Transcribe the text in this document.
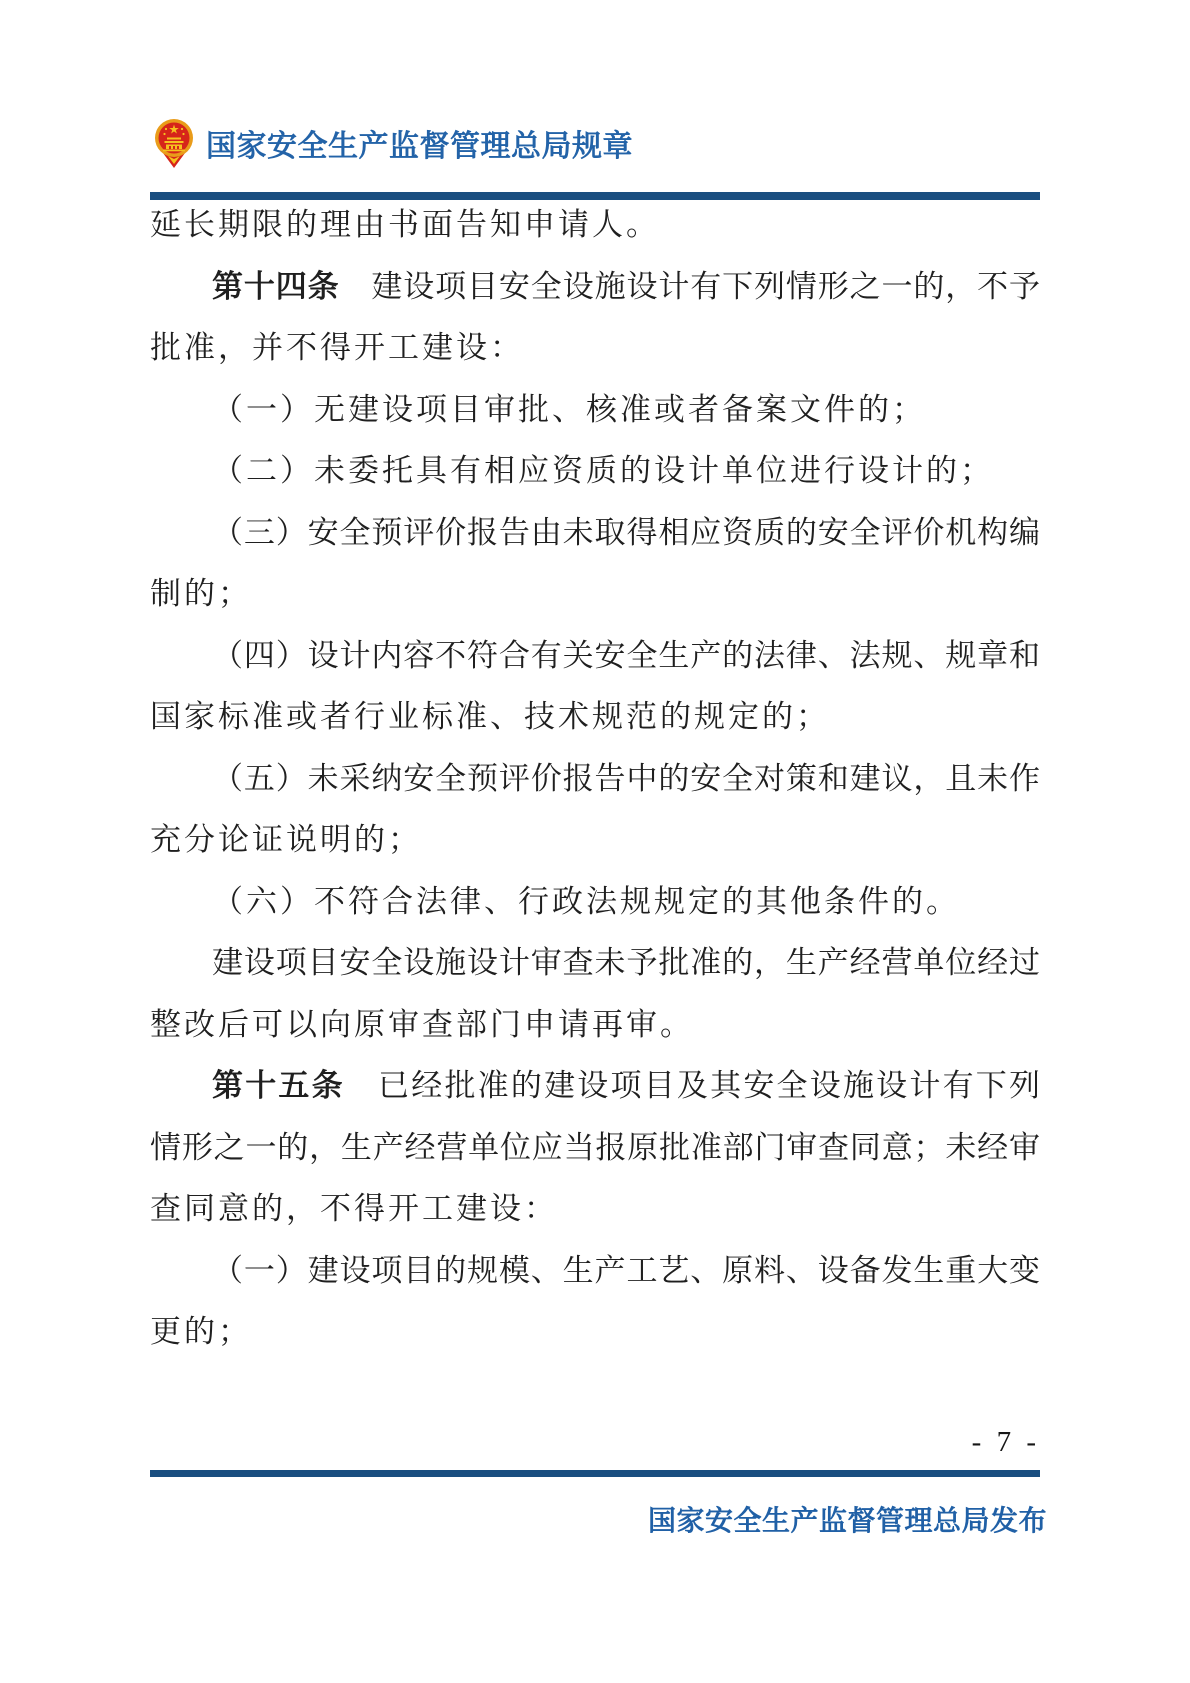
★ 国家安全生产监督管理总局规章
延长期限的理由书面告知申请人。
第十四条　建设项目安全设施设计有下列情形之一的，不予
批准，并不得开工建设：
（一）无建设项目审批、核准或者备案文件的；
（二）未委托具有相应资质的设计单位进行设计的；
（三）安全预评价报告由未取得相应资质的安全评价机构编
制的；
（四）设计内容不符合有关安全生产的法律、法规、规章和
国家标准或者行业标准、技术规范的规定的；
（五）未采纳安全预评价报告中的安全对策和建议，且未作
充分论证说明的；
（六）不符合法律、行政法规规定的其他条件的。
建设项目安全设施设计审查未予批准的，生产经营单位经过
整改后可以向原审查部门申请再审。
第十五条　已经批准的建设项目及其安全设施设计有下列
情形之一的，生产经营单位应当报原批准部门审查同意；未经审
查同意的，不得开工建设：
（一）建设项目的规模、生产工艺、原料、设备发生重大变
更的；
- 7 -
国家安全生产监督管理总局发布
